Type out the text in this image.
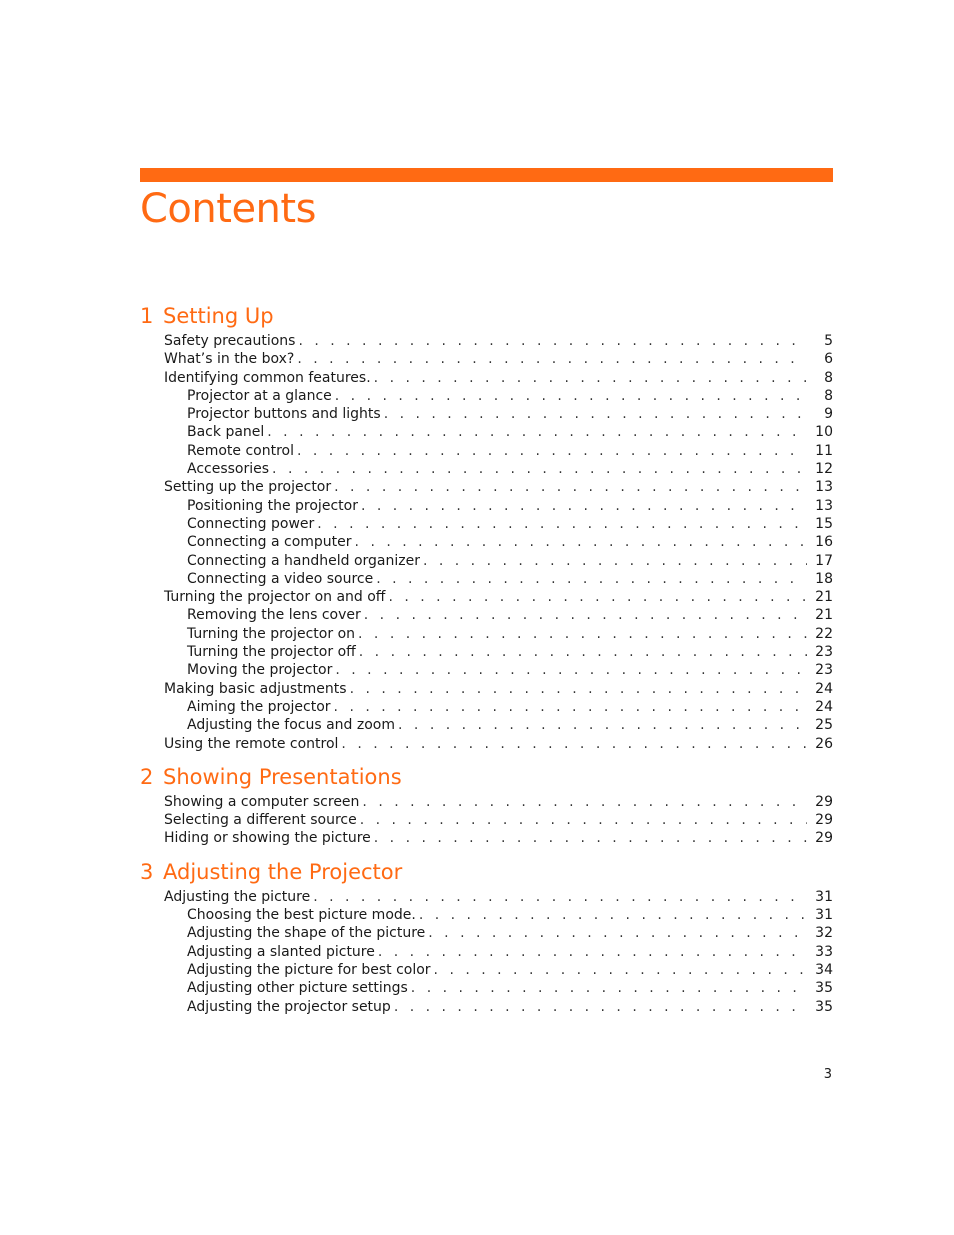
Contents
1 Setting Up
Safety precautions . . .	5
What’s in the box? . . .	6
Identifying common features. . . .	8
Projector at a glance . . .	8
Projector buttons and lights . . .	9
Back panel . . .	10
Remote control . . .	11
Accessories . . .	12
Setting up the projector . . .	13
Positioning the projector . . .	13
Connecting power . . .	15
Connecting a computer . . .	16
Connecting a handheld organizer . . .	17
Connecting a video source . . .	18
Turning the projector on and off . . .	21
Removing the lens cover . . .	21
Turning the projector on . . .	22
Turning the projector off . . .	23
Moving the projector . . .	23
Making basic adjustments . . .	24
Aiming the projector . . .	24
Adjusting the focus and zoom . . .	25
Using the remote control . . .	26
2 Showing Presentations
Showing a computer screen . . .	29
Selecting a different source . . .	29
Hiding or showing the picture . . .	29
3 Adjusting the Projector
Adjusting the picture . . .	31
Choosing the best picture mode. . . .	31
Adjusting the shape of the picture . . .	32
Adjusting a slanted picture . . .	33
Adjusting the picture for best color . . .	34
Adjusting other picture settings . . .	35
Adjusting the projector setup . . .	35
3
